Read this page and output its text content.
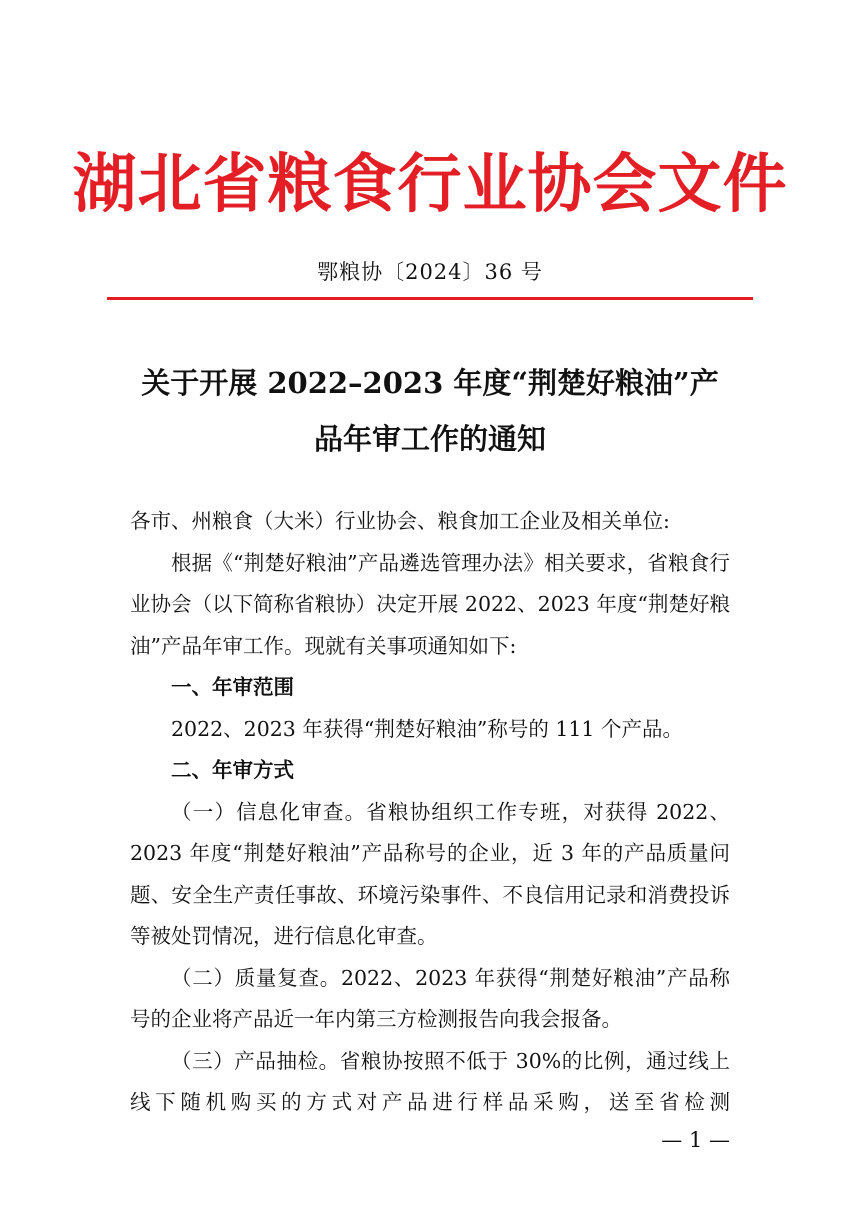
湖北省粮食行业协会文件
鄂粮协〔2024〕36 号
关于开展 2022–2023 年度“荆楚好粮油”产
品年审工作的通知

各市、州粮食（大米）行业协会、粮食加工企业及相关单位:

根据《“荆楚好粮油”产品遴选管理办法》相关要求，省粮食行业协会（以下简称省粮协）决定开展 2022、2023 年度“荆楚好粮油”产品年审工作。现就有关事项通知如下:

一、年审范围

2022、2023 年获得“荆楚好粮油”称号的 111 个产品。

二、年审方式

（一）信息化审查。省粮协组织工作专班，对获得 2022、2023 年度“荆楚好粮油”产品称号的企业，近 3 年的产品质量问题、安全生产责任事故、环境污染事件、不良信用记录和消费投诉等被处罚情况，进行信息化审查。

（二）质量复查。2022、2023 年获得“荆楚好粮油”产品称号的企业将产品近一年内第三方检测报告向我会报备。

（三）产品抽检。省粮协按照不低于 30%的比例，通过线上线下随机购买的方式对产品进行样品采购，送至省检测

— 1 —
